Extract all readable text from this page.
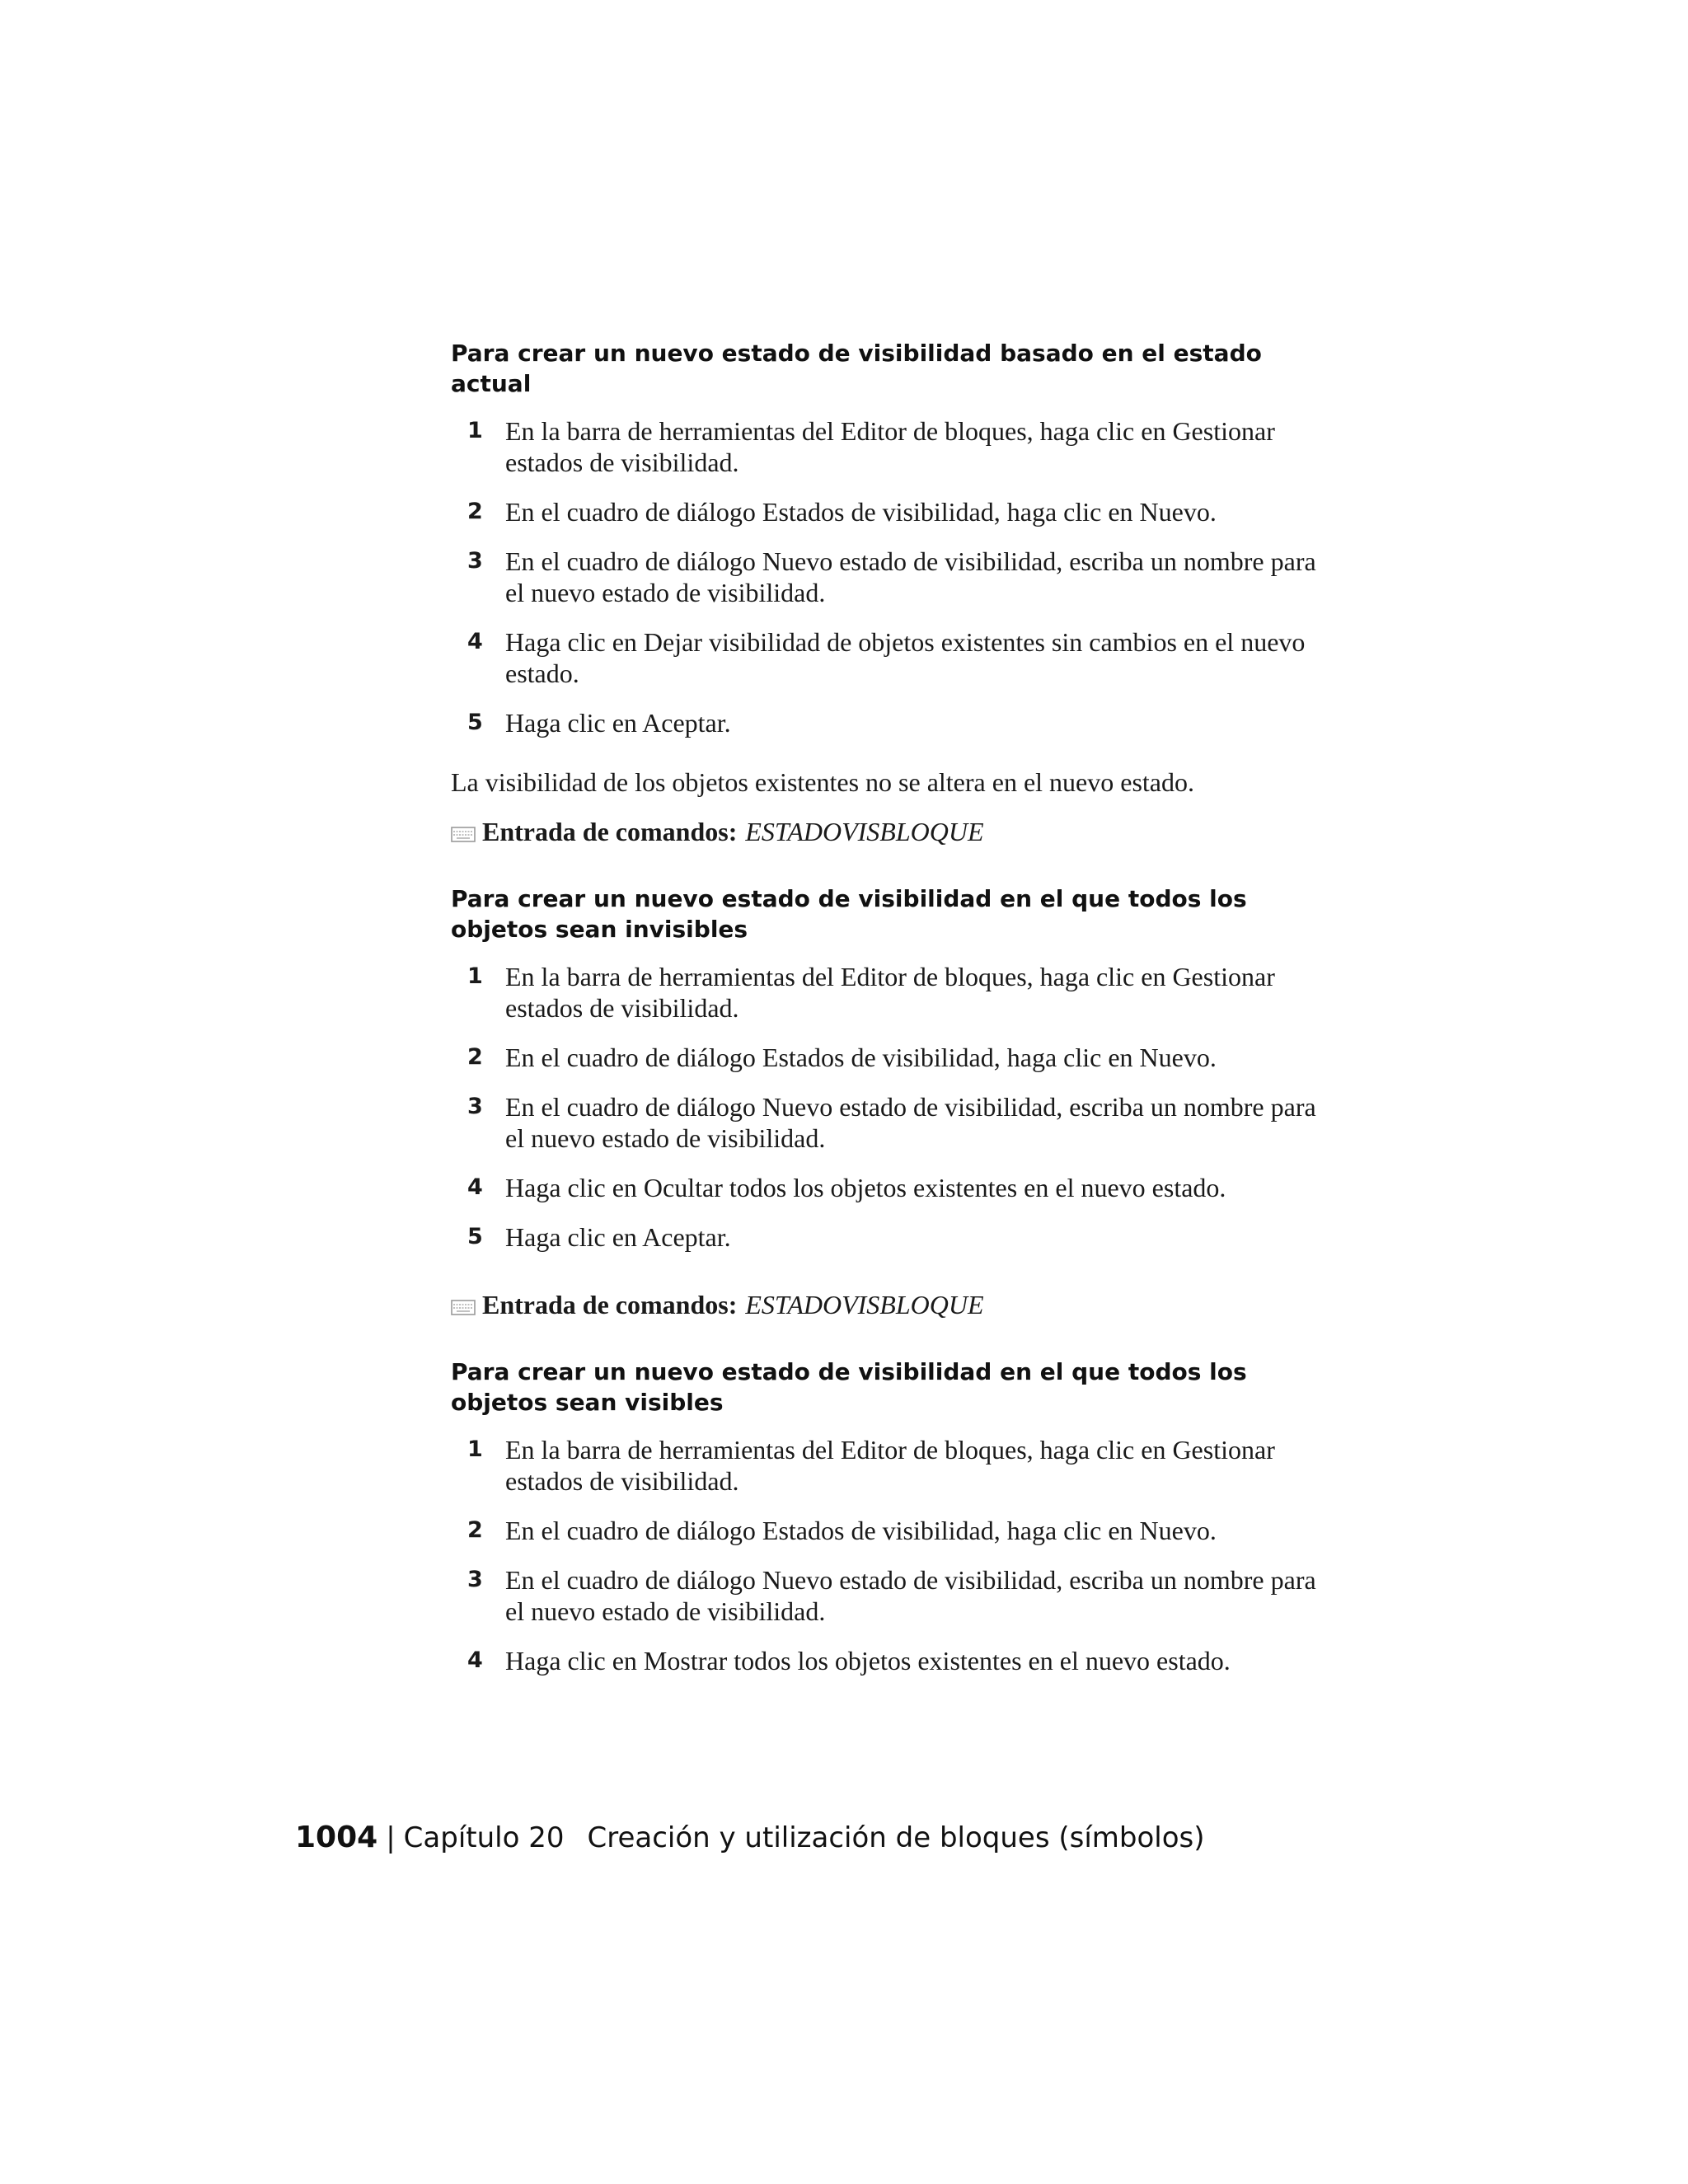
Para crear un nuevo estado de visibilidad basado en el estado actual
1 En la barra de herramientas del Editor de bloques, haga clic en Gestionar estados de visibilidad.
2 En el cuadro de diálogo Estados de visibilidad, haga clic en Nuevo.
3 En el cuadro de diálogo Nuevo estado de visibilidad, escriba un nombre para el nuevo estado de visibilidad.
4 Haga clic en Dejar visibilidad de objetos existentes sin cambios en el nuevo estado.
5 Haga clic en Aceptar.

La visibilidad de los objetos existentes no se altera en el nuevo estado.

Entrada de comandos: ESTADOVISBLOQUE
Para crear un nuevo estado de visibilidad en el que todos los objetos sean invisibles
1 En la barra de herramientas del Editor de bloques, haga clic en Gestionar estados de visibilidad.
2 En el cuadro de diálogo Estados de visibilidad, haga clic en Nuevo.
3 En el cuadro de diálogo Nuevo estado de visibilidad, escriba un nombre para el nuevo estado de visibilidad.
4 Haga clic en Ocultar todos los objetos existentes en el nuevo estado.
5 Haga clic en Aceptar.
Entrada de comandos: ESTADOVISBLOQUE
Para crear un nuevo estado de visibilidad en el que todos los objetos sean visibles
1 En la barra de herramientas del Editor de bloques, haga clic en Gestionar estados de visibilidad.
2 En el cuadro de diálogo Estados de visibilidad, haga clic en Nuevo.
3 En el cuadro de diálogo Nuevo estado de visibilidad, escriba un nombre para el nuevo estado de visibilidad.
4 Haga clic en Mostrar todos los objetos existentes en el nuevo estado.
1004 | Capítulo 20 Creación y utilización de bloques (símbolos)
